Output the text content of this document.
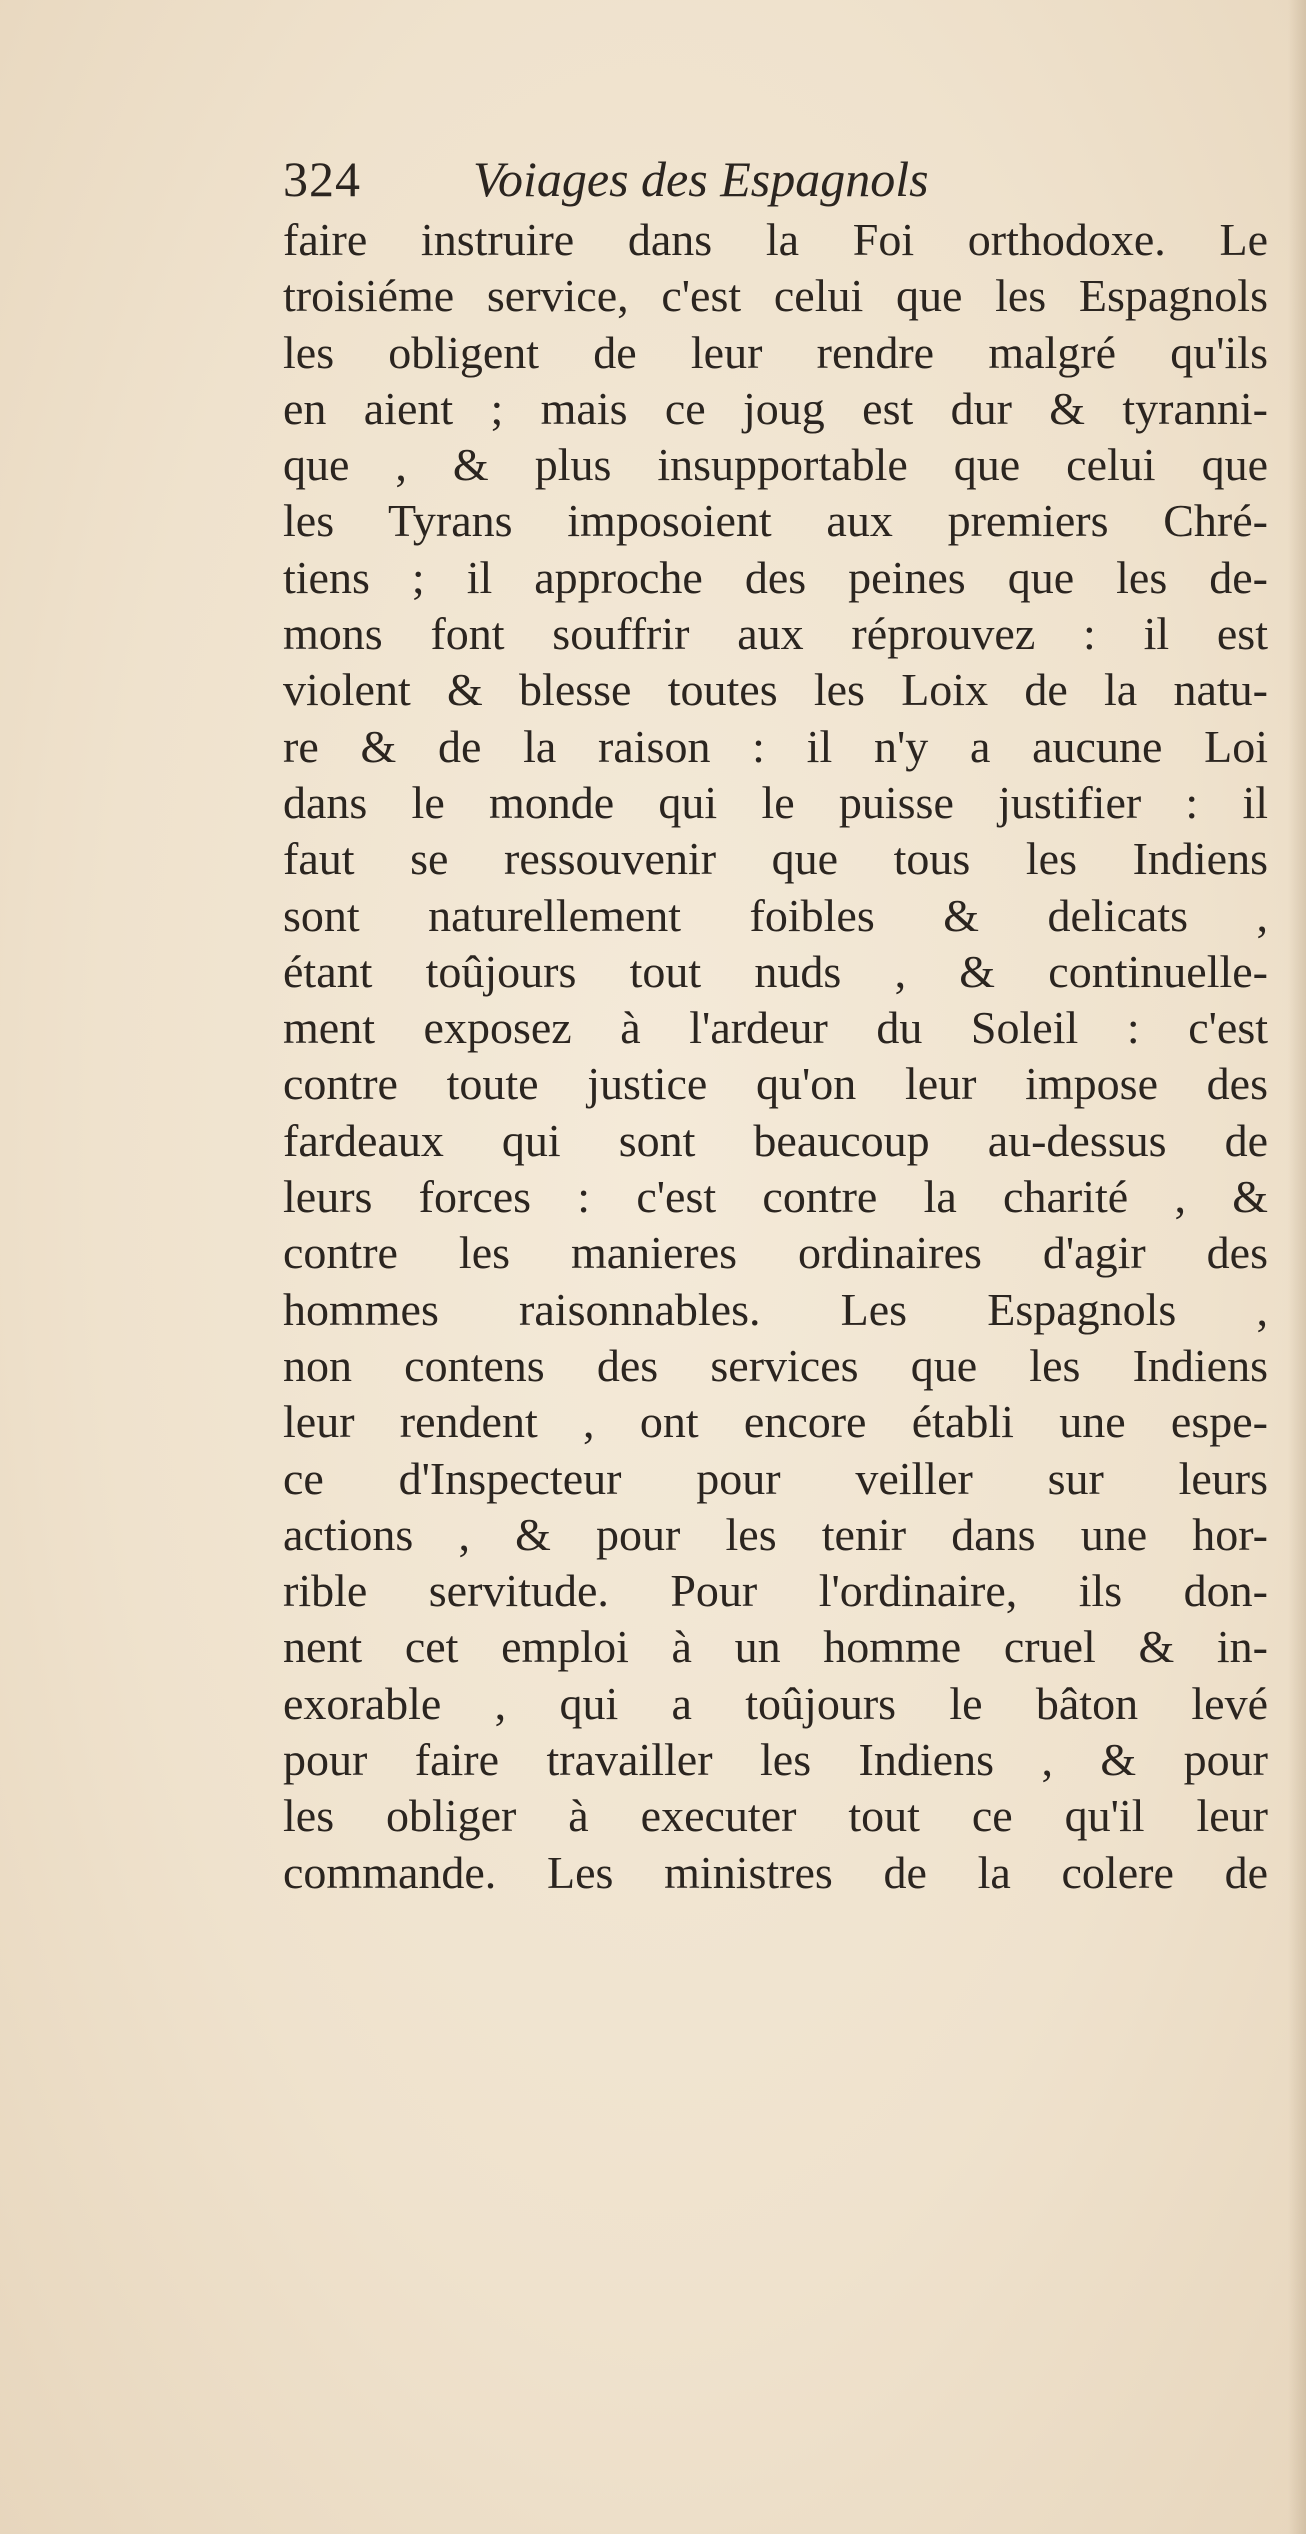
324 Voiages des Espagnols
faire instruire dans la Foi orthodoxe. Le
troisiéme service, c'est celui que les Espagnols
les obligent de leur rendre malgré qu'ils
en aient ; mais ce joug est dur & tyranni-
que , & plus insupportable que celui que
les Tyrans imposoient aux premiers Chré-
tiens ; il approche des peines que les de-
mons font souffrir aux réprouvez : il est
violent & blesse toutes les Loix de la natu-
re & de la raison : il n'y a aucune Loi
dans le monde qui le puisse justifier : il
faut se ressouvenir que tous les Indiens
sont naturellement foibles & delicats ,
étant toûjours tout nuds , & continuelle-
ment exposez à l'ardeur du Soleil : c'est
contre toute justice qu'on leur impose des
fardeaux qui sont beaucoup au-dessus de
leurs forces : c'est contre la charité , &
contre les manieres ordinaires d'agir des
hommes raisonnables. Les Espagnols ,
non contens des services que les Indiens
leur rendent , ont encore établi une espe-
ce d'Inspecteur pour veiller sur leurs
actions , & pour les tenir dans une hor-
rible servitude. Pour l'ordinaire, ils don-
nent cet emploi à un homme cruel & in-
exorable , qui a toûjours le bâton levé
pour faire travailler les Indiens , & pour
les obliger à executer tout ce qu'il leur
commande. Les ministres de la colere de
